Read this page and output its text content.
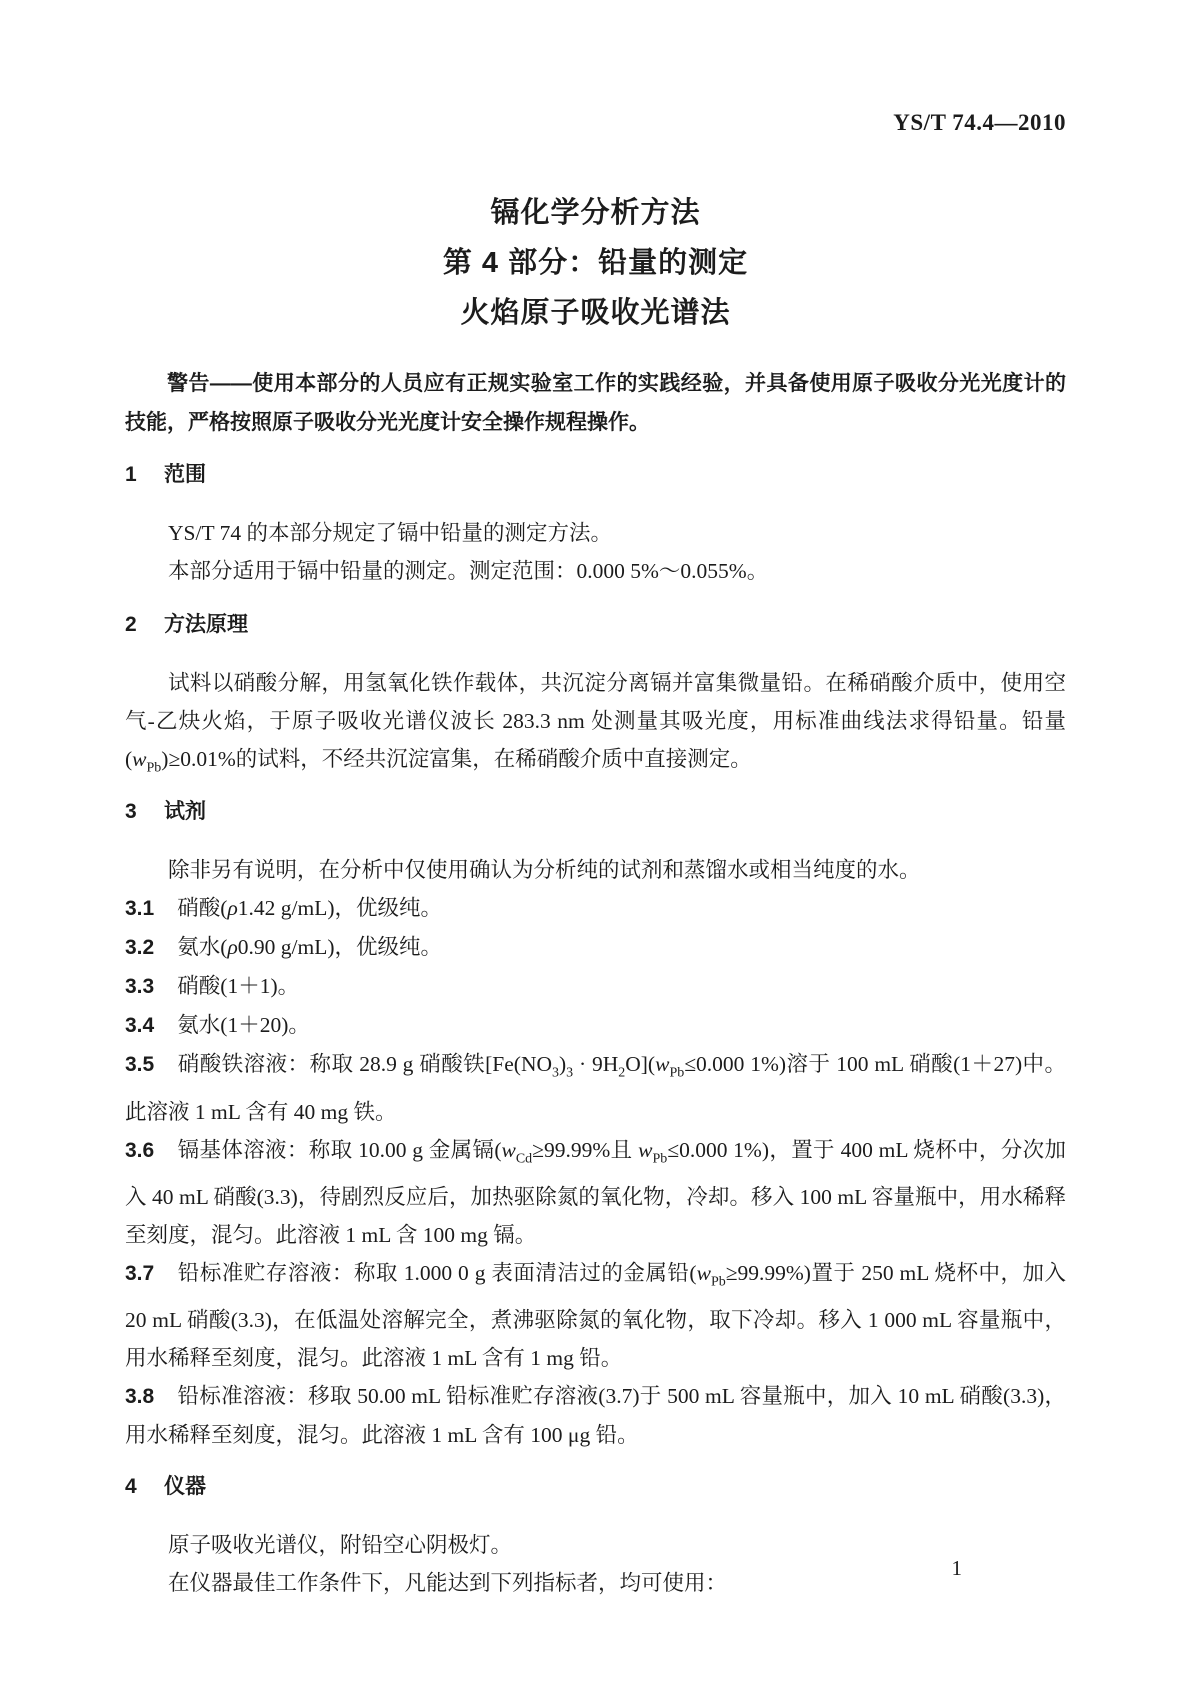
YS/T 74.4—2010
镉化学分析方法
第 4 部分：铅量的测定
火焰原子吸收光谱法

警告——使用本部分的人员应有正规实验室工作的实践经验，并具备使用原子吸收分光光度计的技能，严格按照原子吸收分光光度计安全操作规程操作。

1 范围

YS/T 74 的本部分规定了镉中铅量的测定方法。

本部分适用于镉中铅量的测定。测定范围：0.000 5%～0.055%。

2 方法原理

试料以硝酸分解，用氢氧化铁作载体，共沉淀分离镉并富集微量铅。在稀硝酸介质中，使用空气-乙炔火焰，于原子吸收光谱仪波长 283.3 nm 处测量其吸光度，用标准曲线法求得铅量。铅量$(w_{Pb})\ge 0.01\%$的试料，不经共沉淀富集，在稀硝酸介质中直接测定。

3 试剂

除非另有说明，在分析中仅使用确认为分析纯的试剂和蒸馏水或相当纯度的水。

3.1 硝酸(ρ1.42 g/mL)，优级纯。

3.2 氨水(ρ0.90 g/mL)，优级纯。

3.3 硝酸(1＋1)。

3.4 氨水(1＋20)。

3.5 硝酸铁溶液：称取 28.9 g 硝酸铁$[Fe(NO_3)_3 \cdot 9H_2O](w_{Pb}\le 0.000$ 1%)溶于 100 mL 硝酸(1＋27)中。此溶液 1 mL 含有 40 mg 铁。

3.6 镉基体溶液：称取 10.00 g 金属镉($w_{Cd}\ge 99.99\%$且 $w_{Pb}\le 0.000$ 1%)，置于 400 mL 烧杯中，分次加入 40 mL 硝酸(3.3)，待剧烈反应后，加热驱除氮的氧化物，冷却。移入 100 mL 容量瓶中，用水稀释至刻度，混匀。此溶液 1 mL 含 100 mg 镉。

3.7 铅标准贮存溶液：称取 1.000 0 g 表面清洁过的金属铅$(w_{Pb}\ge 99.99\%)$置于 250 mL 烧杯中，加入 20 mL 硝酸(3.3)，在低温处溶解完全，煮沸驱除氮的氧化物，取下冷却。移入 1 000 mL 容量瓶中，用水稀释至刻度，混匀。此溶液 1 mL 含有 1 mg 铅。

3.8 铅标准溶液：移取 50.00 mL 铅标准贮存溶液(3.7)于 500 mL 容量瓶中，加入 10 mL 硝酸(3.3)，用水稀释至刻度，混匀。此溶液 1 mL 含有 100 μg 铅。

4 仪器

原子吸收光谱仪，附铅空心阴极灯。

在仪器最佳工作条件下，凡能达到下列指标者，均可使用：

1
